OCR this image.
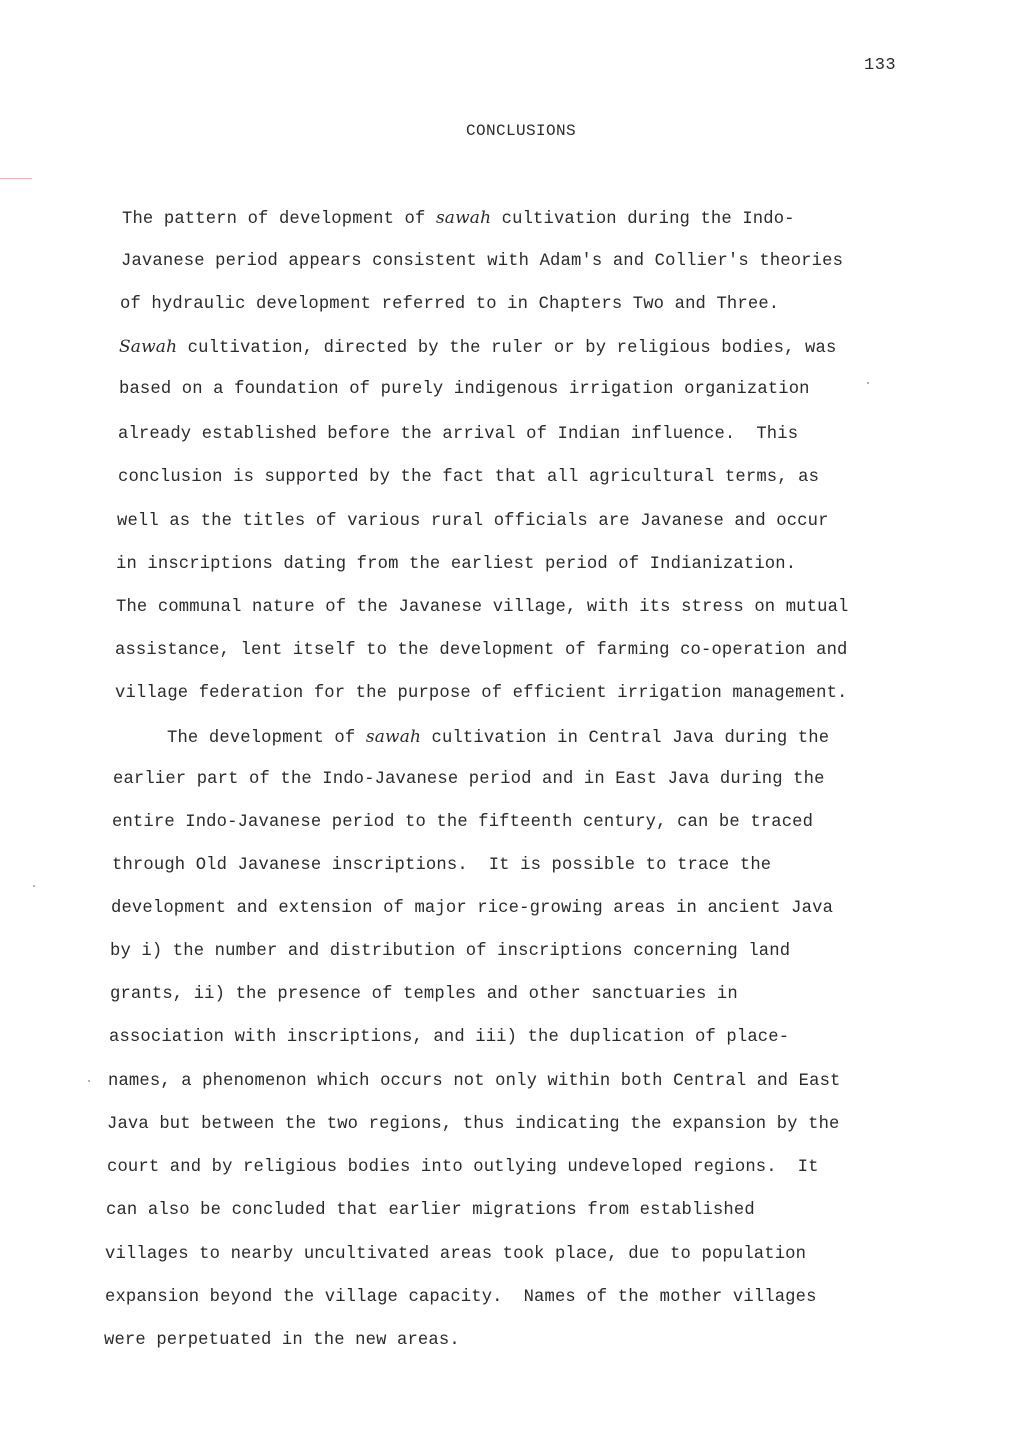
133
CONCLUSIONS
The pattern of development of sawah cultivation during the Indo-
Javanese period appears consistent with Adam's and Collier's theories
of hydraulic development referred to in Chapters Two and Three.
Sawah cultivation, directed by the ruler or by religious bodies, was
based on a foundation of purely indigenous irrigation organization
already established before the arrival of Indian influence.  This
conclusion is supported by the fact that all agricultural terms, as
well as the titles of various rural officials are Javanese and occur
in inscriptions dating from the earliest period of Indianization.
The communal nature of the Javanese village, with its stress on mutual
assistance, lent itself to the development of farming co-operation and
village federation for the purpose of efficient irrigation management.
The development of sawah cultivation in Central Java during the
earlier part of the Indo-Javanese period and in East Java during the
entire Indo-Javanese period to the fifteenth century, can be traced
through Old Javanese inscriptions.  It is possible to trace the
development and extension of major rice-growing areas in ancient Java
by i) the number and distribution of inscriptions concerning land
grants, ii) the presence of temples and other sanctuaries in
association with inscriptions, and iii) the duplication of place-
names, a phenomenon which occurs not only within both Central and East
Java but between the two regions, thus indicating the expansion by the
court and by religious bodies into outlying undeveloped regions.  It
can also be concluded that earlier migrations from established
villages to nearby uncultivated areas took place, due to population
expansion beyond the village capacity.  Names of the mother villages
were perpetuated in the new areas.
